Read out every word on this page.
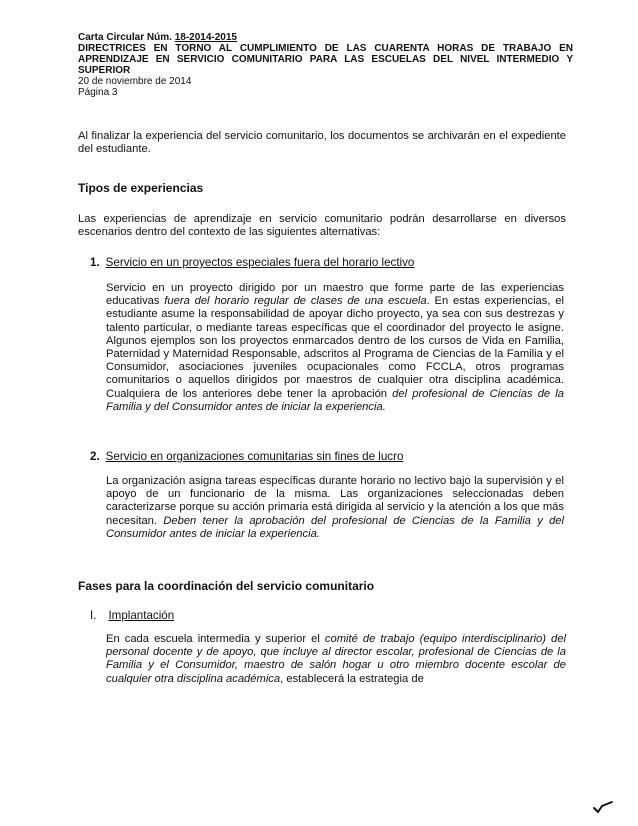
Carta Circular Núm. 18-2014-2015
DIRECTRICES EN TORNO AL CUMPLIMIENTO DE LAS CUARENTA HORAS DE TRABAJO EN APRENDIZAJE EN SERVICIO COMUNITARIO PARA LAS ESCUELAS DEL NIVEL INTERMEDIO Y SUPERIOR
20 de noviembre de 2014
Página 3

Al finalizar la experiencia del servicio comunitario, los documentos se archivarán en el expediente del estudiante.

Tipos de experiencias

Las experiencias de aprendizaje en servicio comunitario podrán desarrollarse en diversos escenarios dentro del contexto de las siguientes alternativas:

1. Servicio en un proyectos especiales fuera del horario lectivo

Servicio en un proyecto dirigido por un maestro que forme parte de las experiencias educativas fuera del horario regular de clases de una escuela. En estas experiencias, el estudiante asume la responsabilidad de apoyar dicho proyecto, ya sea con sus destrezas y talento particular, o mediante tareas específicas que el coordinador del proyecto le asigne. Algunos ejemplos son los proyectos enmarcados dentro de los cursos de Vida en Familia, Paternidad y Maternidad Responsable, adscritos al Programa de Ciencias de la Familia y el Consumidor, asociaciones juveniles ocupacionales como FCCLA, otros programas comunitarios o aquellos dirigidos por maestros de cualquier otra disciplina académica. Cualquiera de los anteriores debe tener la aprobación del profesional de Ciencias de la Familia y del Consumidor antes de iniciar la experiencia.

2. Servicio en organizaciones comunitarias sin fines de lucro

La organización asigna tareas específicas durante horario no lectivo bajo la supervisión y el apoyo de un funcionario de la misma. Las organizaciones seleccionadas deben caracterizarse porque su acción primaria está dirigida al servicio y la atención a los que más necesitan. Deben tener la aprobación del profesional de Ciencias de la Familia y del Consumidor antes de iniciar la experiencia.

Fases para la coordinación del servicio comunitario
I. Implantación

En cada escuela intermedia y superior el comité de trabajo (equipo interdisciplinario) del personal docente y de apoyo, que incluye al director escolar, profesional de Ciencias de la Familia y el Consumidor, maestro de salón hogar u otro miembro docente escolar de cualquier otra disciplina académica, establecerá la estrategia de
